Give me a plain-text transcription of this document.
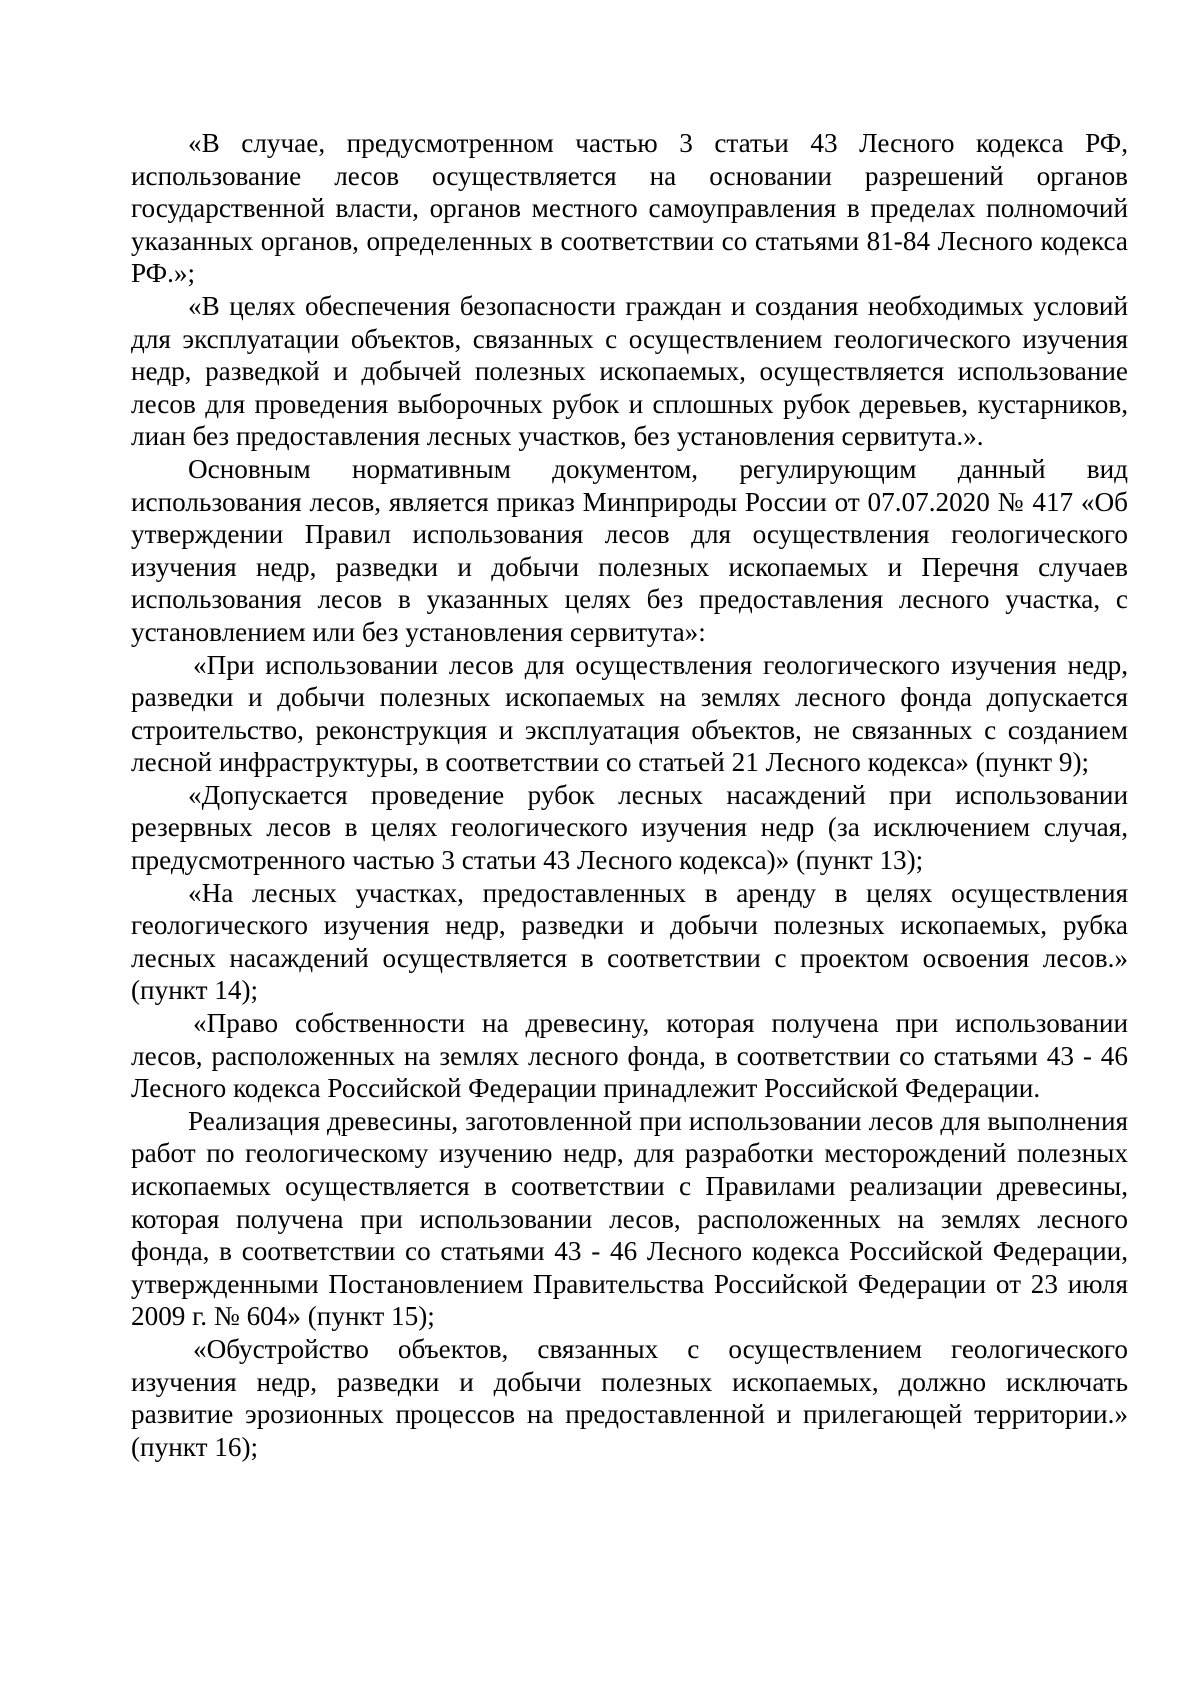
«В случае, предусмотренном частью 3 статьи 43 Лесного кодекса РФ, использование лесов осуществляется на основании разрешений органов государственной власти, органов местного самоуправления в пределах полномочий указанных органов, определенных в соответствии со статьями 81-84 Лесного кодекса РФ.»;

«В целях обеспечения безопасности граждан и создания необходимых условий для эксплуатации объектов, связанных с осуществлением геологического изучения недр, разведкой и добычей полезных ископаемых, осуществляется использование лесов для проведения выборочных рубок и сплошных рубок деревьев, кустарников, лиан без предоставления лесных участков, без установления сервитута.».

Основным нормативным документом, регулирующим данный вид использования лесов, является приказ Минприроды России от 07.07.2020 № 417 «Об утверждении Правил использования лесов для осуществления геологического изучения недр, разведки и добычи полезных ископаемых и Перечня случаев использования лесов в указанных целях без предоставления лесного участка, с установлением или без установления сервитута»:

«При использовании лесов для осуществления геологического изучения недр, разведки и добычи полезных ископаемых на землях лесного фонда допускается строительство, реконструкция и эксплуатация объектов, не связанных с созданием лесной инфраструктуры, в соответствии со статьей 21 Лесного кодекса» (пункт 9);

«Допускается проведение рубок лесных насаждений при использовании резервных лесов в целях геологического изучения недр (за исключением случая, предусмотренного частью 3 статьи 43 Лесного кодекса)» (пункт 13);

«На лесных участках, предоставленных в аренду в целях осуществления геологического изучения недр, разведки и добычи полезных ископаемых, рубка лесных насаждений осуществляется в соответствии с проектом освоения лесов.» (пункт 14);

«Право собственности на древесину, которая получена при использовании лесов, расположенных на землях лесного фонда, в соответствии со статьями 43 - 46 Лесного кодекса Российской Федерации принадлежит Российской Федерации.

Реализация древесины, заготовленной при использовании лесов для выполнения работ по геологическому изучению недр, для разработки месторождений полезных ископаемых осуществляется в соответствии с Правилами реализации древесины, которая получена при использовании лесов, расположенных на землях лесного фонда, в соответствии со статьями 43 - 46 Лесного кодекса Российской Федерации, утвержденными Постановлением Правительства Российской Федерации от 23 июля 2009 г. № 604» (пункт 15);

«Обустройство объектов, связанных с осуществлением геологического изучения недр, разведки и добычи полезных ископаемых, должно исключать развитие эрозионных процессов на предоставленной и прилегающей территории.» (пункт 16);
